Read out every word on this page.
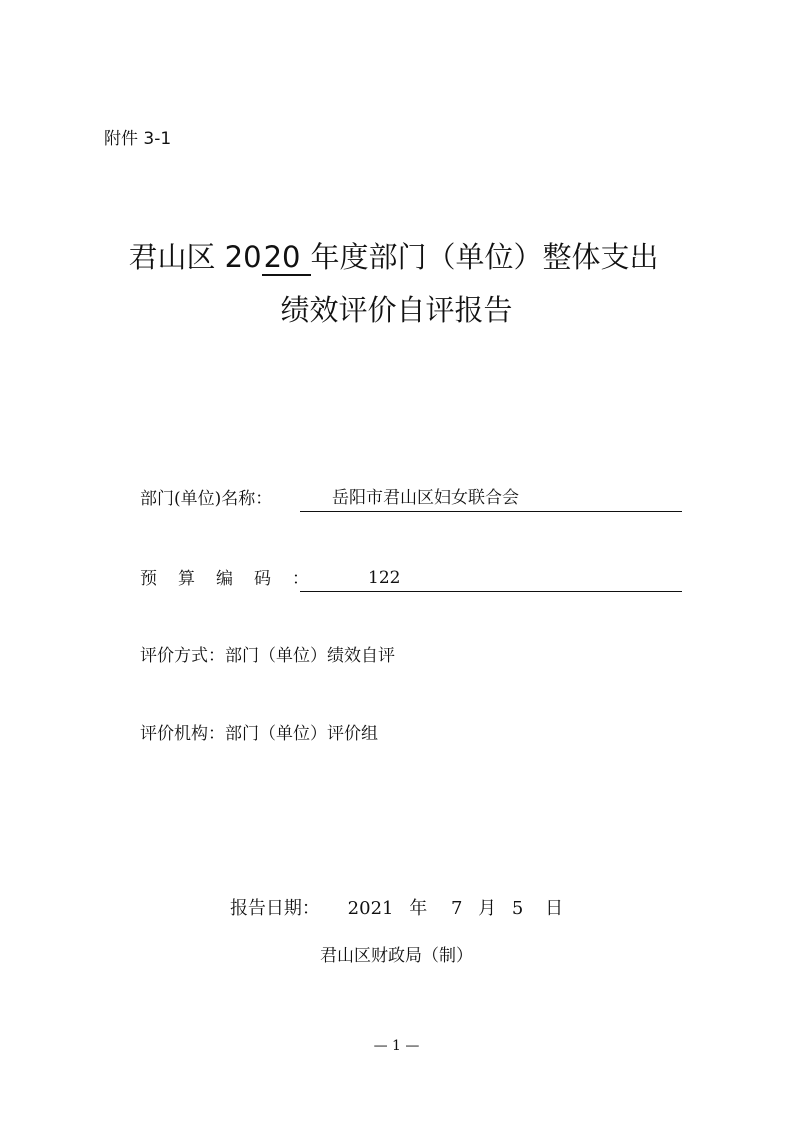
附件 3-1
君山区 2020 年度部门（单位）整体支出
绩效评价自评报告
部门(单位)名称：	岳阳市君山区妇女联合会
预 算 编 码 ：	122
评价方式：部门（单位）绩效自评
评价机构：部门（单位）评价组
报告日期： 2021 年 7 月 5 日
君山区财政局（制）
— 1 —
